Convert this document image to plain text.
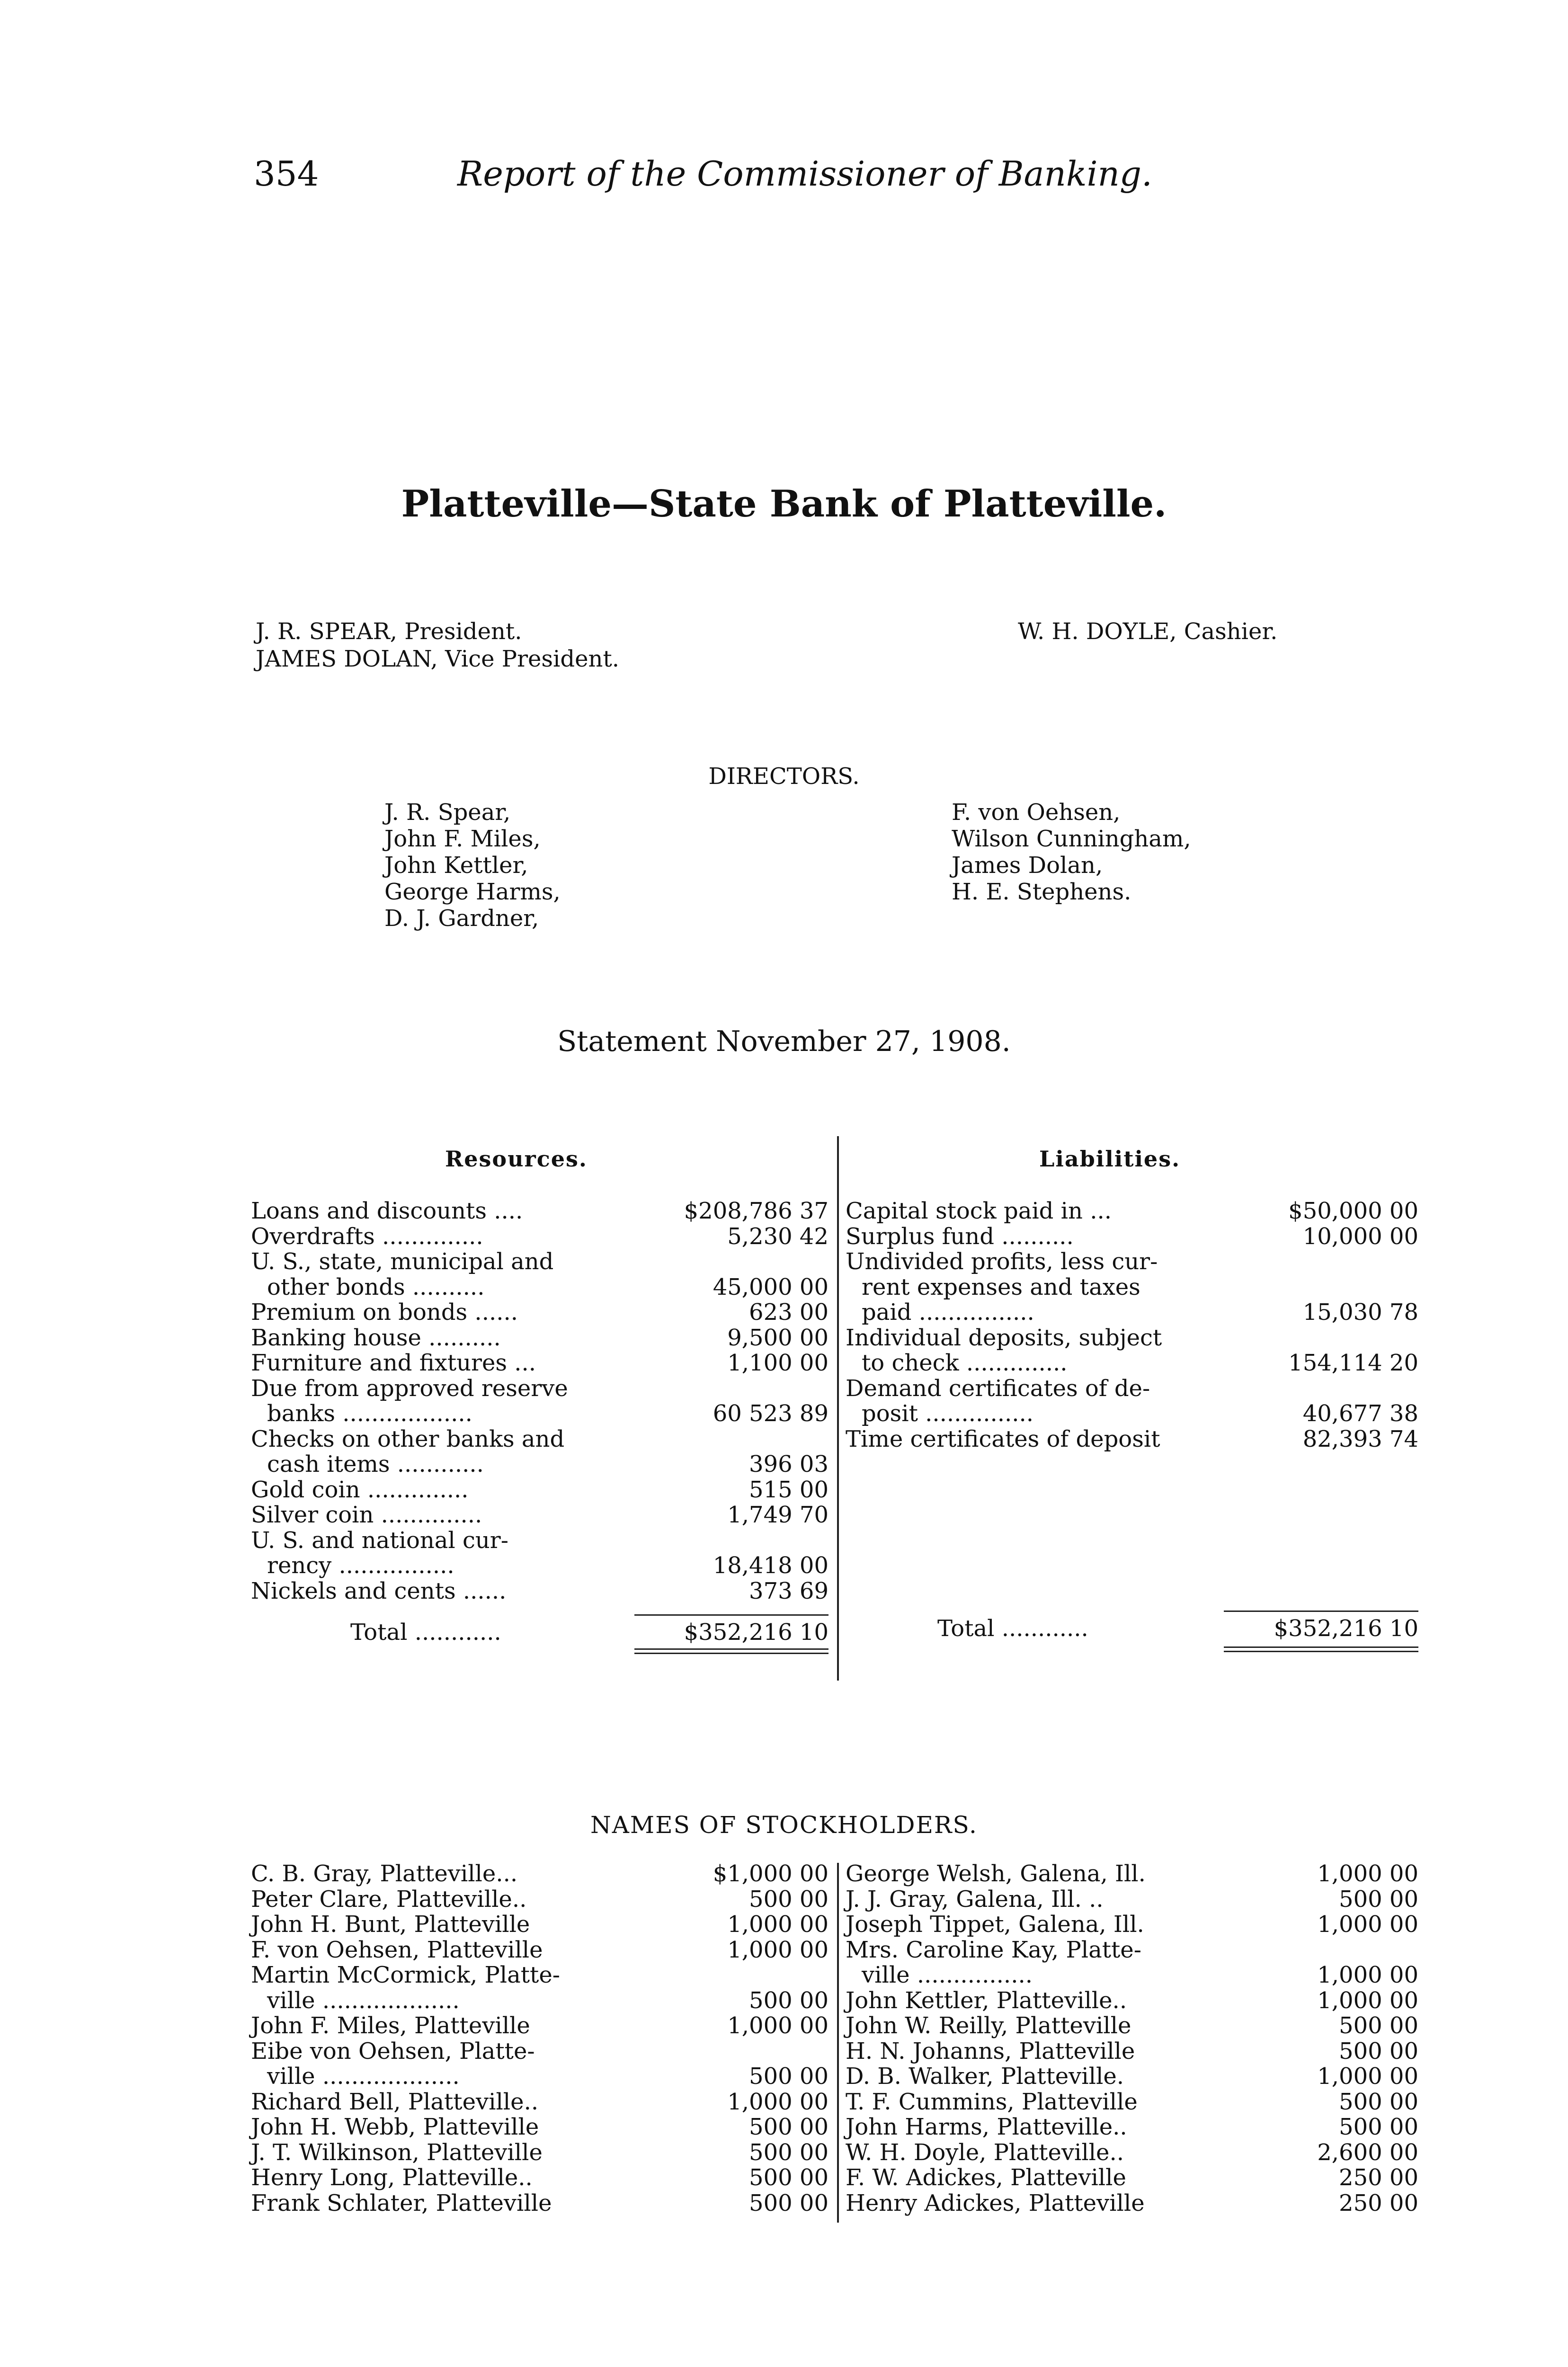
354	Report of the Commissioner of Banking.
Platteville—State Bank of Platteville.
J. R. SPEAR, President.
JAMES DOLAN, Vice President.
W. H. DOYLE, Cashier.
DIRECTORS.
J. R. Spear,
John F. Miles,
John Kettler,
George Harms,
D. J. Gardner,
F. von Oehsen,
Wilson Cunningham,
James Dolan,
H. E. Stephens.
Statement November 27, 1908.
Resources.	Liabilities.
Loans and discounts ....	$208,786 37
Overdrafts ..............	5,230 42
U. S., state, municipal and
other bonds ..........	45,000 00
Premium on bonds ......	623 00
Banking house ..........	9,500 00
Furniture and fixtures ...	1,100 00
Due from approved reserve
banks ..................	60 523 89
Checks on other banks and
cash items ............	396 03
Gold coin ..............	515 00
Silver coin ..............	1,749 70
U. S. and national cur-
rency ................	18,418 00
Nickels and cents ......	373 69
Capital stock paid in ...	$50,000 00
Surplus fund ..........	10,000 00
Undivided profits, less cur-
rent expenses and taxes
paid ................	15,030 78
Individual deposits, subject
to check ..............	154,114 20
Demand certificates of de-
posit ...............	40,677 38
Time certificates of deposit	82,393 74
Total ............	$352,216 10	Total ............	$352,216 10
NAMES OF STOCKHOLDERS.
C. B. Gray, Platteville...	$1,000 00
Peter Clare, Platteville..	500 00
John H. Bunt, Platteville	1,000 00
F. von Oehsen, Platteville	1,000 00
Martin McCormick, Platte-
ville ...................	500 00
John F. Miles, Platteville	1,000 00
Eibe von Oehsen, Platte-
ville ...................	500 00
Richard Bell, Platteville..	1,000 00
John H. Webb, Platteville	500 00
J. T. Wilkinson, Platteville	500 00
Henry Long, Platteville..	500 00
Frank Schlater, Platteville	500 00
George Welsh, Galena, Ill.	1,000 00
J. J. Gray, Galena, Ill. ..	500 00
Joseph Tippet, Galena, Ill.	1,000 00
Mrs. Caroline Kay, Platte-
ville ................	1,000 00
John Kettler, Platteville..	1,000 00
John W. Reilly, Platteville	500 00
H. N. Johanns, Platteville	500 00
D. B. Walker, Platteville.	1,000 00
T. F. Cummins, Platteville	500 00
John Harms, Platteville..	500 00
W. H. Doyle, Platteville..	2,600 00
F. W. Adickes, Platteville	250 00
Henry Adickes, Platteville	250 00
